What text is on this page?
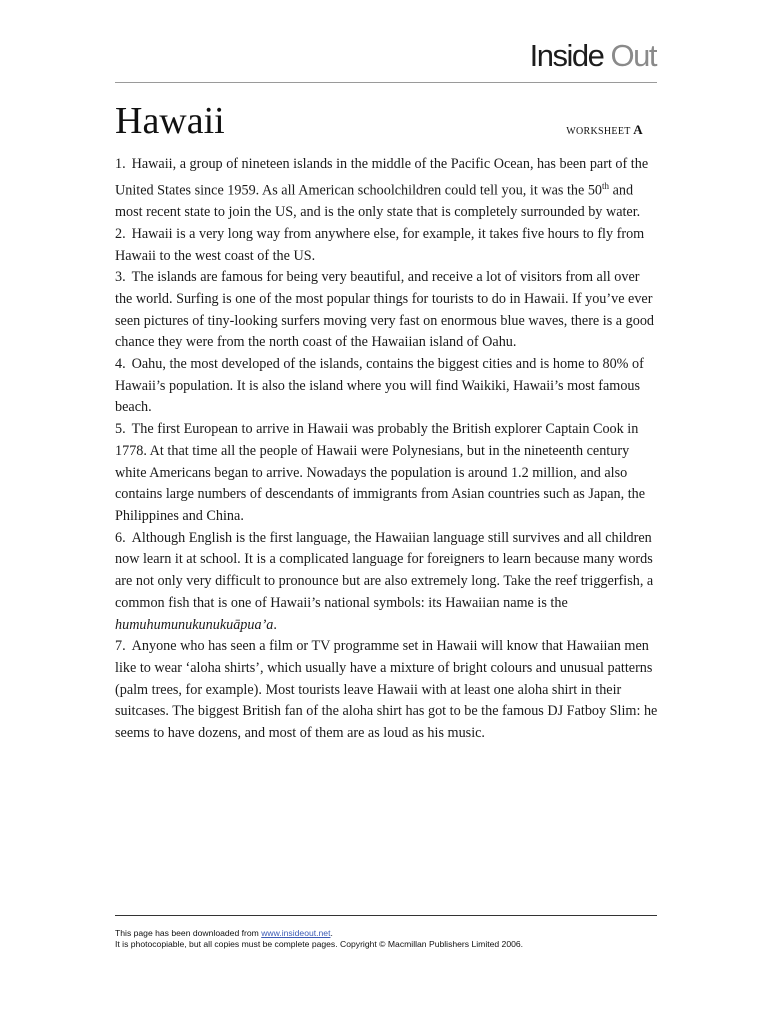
Inside Out
Hawaii	WORKSHEET A

1. Hawaii, a group of nineteen islands in the middle of the Pacific Ocean, has been part of the United States since 1959. As all American schoolchildren could tell you, it was the 50th and most recent state to join the US, and is the only state that is completely surrounded by water.

2. Hawaii is a very long way from anywhere else, for example, it takes five hours to fly from Hawaii to the west coast of the US.

3. The islands are famous for being very beautiful, and receive a lot of visitors from all over the world. Surfing is one of the most popular things for tourists to do in Hawaii. If you’ve ever seen pictures of tiny-looking surfers moving very fast on enormous blue waves, there is a good chance they were from the north coast of the Hawaiian island of Oahu.

4. Oahu, the most developed of the islands, contains the biggest cities and is home to 80% of Hawaii’s population. It is also the island where you will find Waikiki, Hawaii’s most famous beach.

5. The first European to arrive in Hawaii was probably the British explorer Captain Cook in 1778. At that time all the people of Hawaii were Polynesians, but in the nineteenth century white Americans began to arrive. Nowadays the population is around 1.2 million, and also contains large numbers of descendants of immigrants from Asian countries such as Japan, the Philippines and China.

6. Although English is the first language, the Hawaiian language still survives and all children now learn it at school. It is a complicated language for foreigners to learn because many words are not only very difficult to pronounce but are also extremely long. Take the reef triggerfish, a common fish that is one of Hawaii’s national symbols: its Hawaiian name is the humuhumunukunukuāpua’a.

7. Anyone who has seen a film or TV programme set in Hawaii will know that Hawaiian men like to wear ‘aloha shirts’, which usually have a mixture of bright colours and unusual patterns (palm trees, for example). Most tourists leave Hawaii with at least one aloha shirt in their suitcases. The biggest British fan of the aloha shirt has got to be the famous DJ Fatboy Slim: he seems to have dozens, and most of them are as loud as his music.

This page has been downloaded from www.insideout.net.
It is photocopiable, but all copies must be complete pages. Copyright © Macmillan Publishers Limited 2006.
